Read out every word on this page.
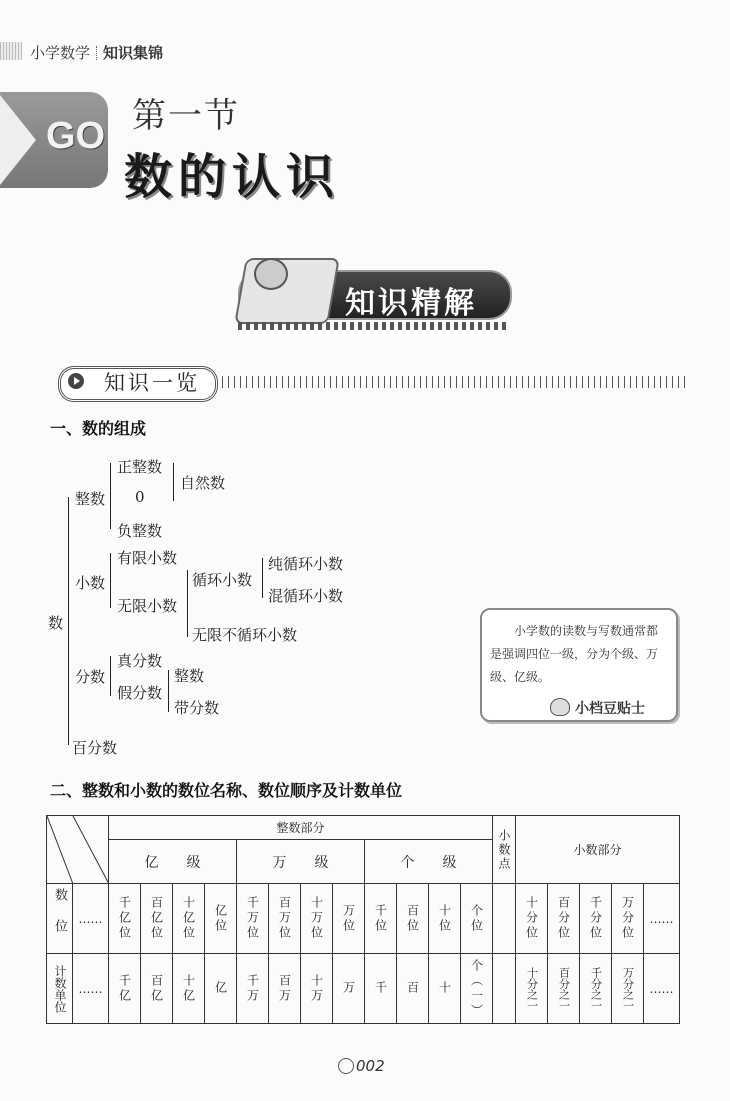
小学数学 知识集锦
GO 第一节
数的认识
知识精解
知识一览
一、数的组成
数
整数
正整数
0
自然数
负整数
小数
有限小数
无限小数
循环小数
纯循环小数
混循环小数
无限不循环小数
分数
真分数
假分数
整数
带分数
百分数
小学数的读数与写数通常都是强调四位一级，分为个级、万级、亿级。
小档豆贴士
二、整数和小数的数位名称、数位顺序及计数单位
	整数部分												小数点	小数部分				
		亿　　级				万　　级				个　　级									
数位	……	千亿位	百亿位	十亿位	亿位	千万位	百万位	十万位	万位	千位	百位	十位	个位		十分位	百分位	千分位	万分位	……
计数单位	……	千亿	百亿	十亿	亿	千万	百万	十万	万	千	百	十	个（一）		十分之一	百分之一	千分之一	万分之一	……
002
